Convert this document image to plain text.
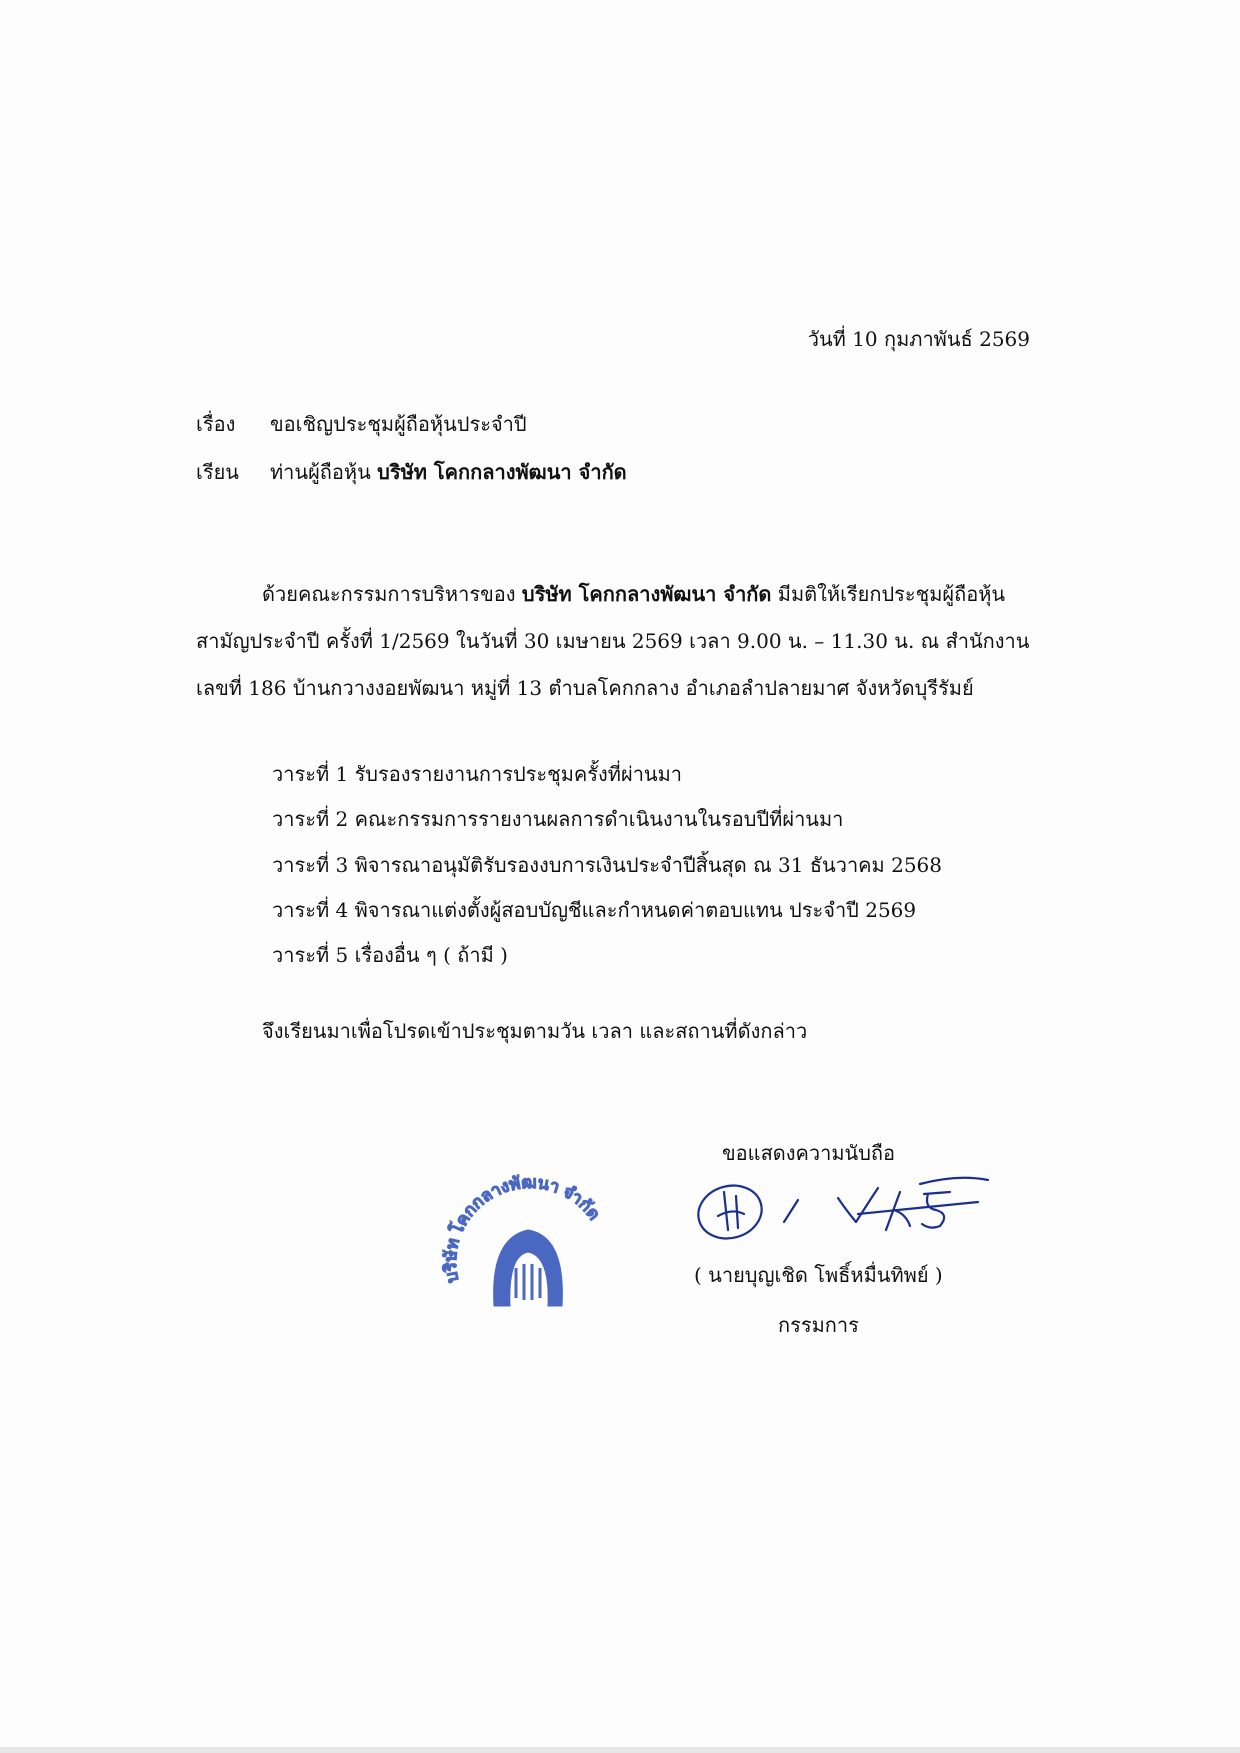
วันที่ 10 กุมภาพันธ์ 2569
เรื่อง ขอเชิญประชุมผู้ถือหุ้นประจำปี
เรียน ท่านผู้ถือหุ้น บริษัท โคกกลางพัฒนา จำกัด
ด้วยคณะกรรมการบริหารของ บริษัท โคกกลางพัฒนา จำกัด มีมติให้เรียกประชุมผู้ถือหุ้น
สามัญประจำปี ครั้งที่ 1/2569 ในวันที่ 30 เมษายน 2569 เวลา 9.00 น. – 11.30 น. ณ สำนักงาน
เลขที่ 186 บ้านกวางงอยพัฒนา หมู่ที่ 13 ตำบลโคกกลาง อำเภอลำปลายมาศ จังหวัดบุรีรัมย์
วาระที่ 1 รับรองรายงานการประชุมครั้งที่ผ่านมา
วาระที่ 2 คณะกรรมการรายงานผลการดำเนินงานในรอบปีที่ผ่านมา
วาระที่ 3 พิจารณาอนุมัติรับรองงบการเงินประจำปีสิ้นสุด ณ 31 ธันวาคม 2568
วาระที่ 4 พิจารณาแต่งตั้งผู้สอบบัญชีและกำหนดค่าตอบแทน ประจำปี 2569
วาระที่ 5 เรื่องอื่น ๆ ( ถ้ามี )
จึงเรียนมาเพื่อโปรดเข้าประชุมตามวัน เวลา และสถานที่ดังกล่าว
ขอแสดงความนับถือ
บริษัท โคกกลางพัฒนา จำกัด
( นายบุญเชิด โพธิ์หมื่นทิพย์ )
กรรมการ
